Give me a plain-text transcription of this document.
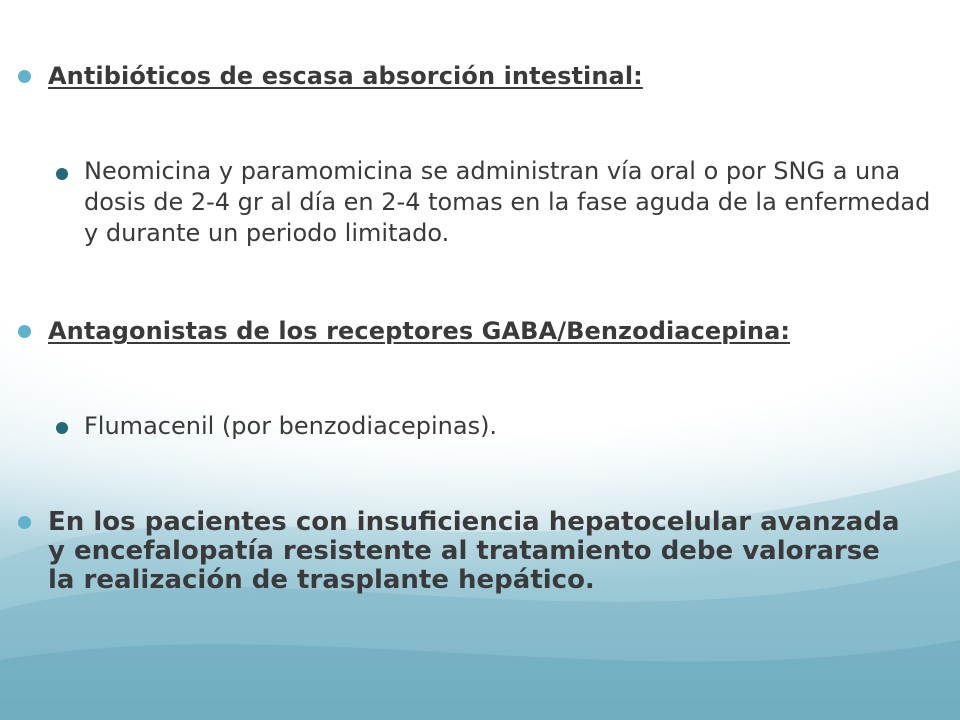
Antibióticos de escasa absorción intestinal:

Neomicina y paramomicina se administran vía oral o por SNG a una dosis de 2-4 gr al día en 2-4 tomas en la fase aguda de la enfermedad y durante un periodo limitado.

Antagonistas de los receptores GABA/Benzodiacepina:

Flumacenil (por benzodiacepinas).

En los pacientes con insuficiencia hepatocelular avanzada y encefalopatía resistente al tratamiento debe valorarse la realización de trasplante hepático.
